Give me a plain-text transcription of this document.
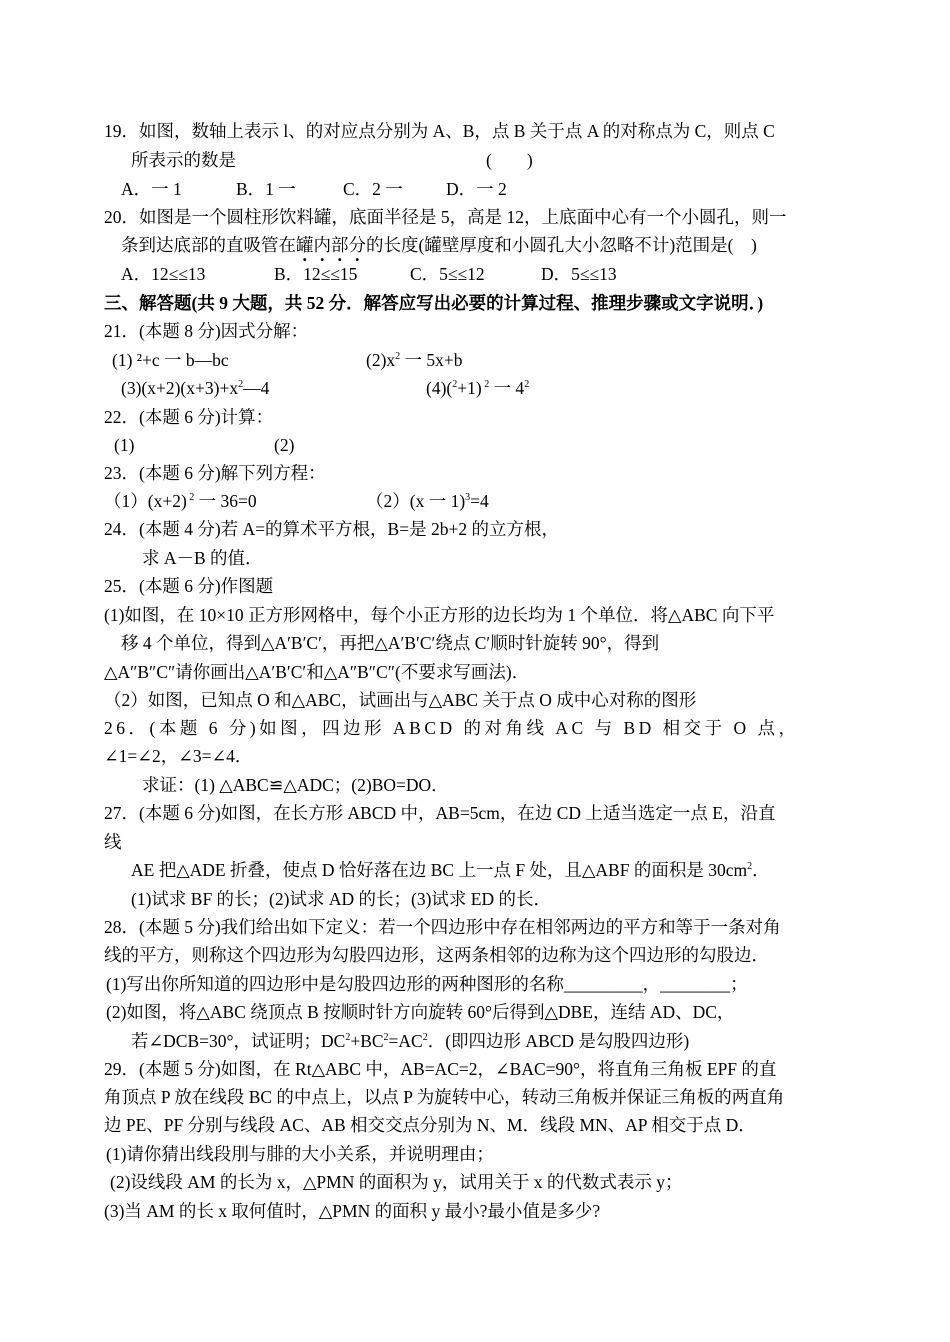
19．如图，数轴上表示 l、的对应点分别为 A、B，点 B 关于点 A 的对称点为 C，则点 C
所表示的数是	(　　)
A．一 1	B．1 一	C．2 一 D．一 2
20．如图是一个圆柱形饮料罐，底面半径是 5，高是 12，上底面中心有一个小圆孔，则一
条到达底部的直吸管在罐内部分的长度(罐壁厚度和小圆孔大小忽略不计)范围是(　)
A．12≤≤13	B．12≤≤15	C．5≤≤12	D．5≤≤13
三、解答题(共 9 大题，共 52 分．解答应写出必要的计算过程、推理步骤或文字说明．)
21．(本题 8 分)因式分解：
(1) ²+c 一 b—bc	$(2)x^2$ 一 5x+b
$(3)(x+2)(x+3)+x^2—4$	(4)($^2$+1) $^2$ 一 $4^2$
22．(本题 6 分)计算：
(1)	(2)
23．(本题 6 分)解下列方程：
（1）(x+2) $^2$ 一 36=0	（2）(x 一 1)$^3$=4
24．(本题 4 分)若 A=的算术平方根，B=是 2b+2 的立方根，
求 A－B 的值．
25．(本题 6 分)作图题
(1)如图，在 10×10 正方形网格中，每个小正方形的边长均为 1 个单位．将△ABC 向下平
移 4 个单位，得到△A′B′C′，再把△A′B′C′绕点 C′顺时针旋转 90°，得到
△A″B″C″请你画出△A′B′C′和△A″B″C″(不要求写画法)．
（2）如图，已知点 O 和△ABC，试画出与△ABC 关于点 O 成中心对称的图形
26．(本题 6 分)如图，四边形 ABCD 的对角线 AC 与 BD 相交于 O 点，
∠1=∠2，∠3=∠4．
求证：(1) △ABC≌△ADC；(2)BO=DO．
27．(本题 6 分)如图，在长方形 ABCD 中，AB=5cm，在边 CD 上适当选定一点 E，沿直
线
AE 把△ADE 折叠，使点 D 恰好落在边 BC 上一点 F 处，且△ABF 的面积是 $30cm^2$．
(1)试求 BF 的长；(2)试求 AD 的长；(3)试求 ED 的长．
28．(本题 5 分)我们给出如下定义：若一个四边形中存在相邻两边的平方和等于一条对角
线的平方，则称这个四边形为勾股四边形，这两条相邻的边称为这个四边形的勾股边．
(1)写出你所知道的四边形中是勾股四边形的两种图形的名称_________，________；
(2)如图，将△ABC 绕顶点 B 按顺时针方向旋转 60°后得到△DBE，连结 AD、DC，
若∠DCB=30°，试证明；$DC^2+BC^2=AC^2$．(即四边形 ABCD 是勾股四边形)
29．(本题 5 分)如图，在 Rt△ABC 中，AB=AC=2，∠BAC=90°，将直角三角板 EPF 的直
角顶点 P 放在线段 BC 的中点上，以点 P 为旋转中心，转动三角板并保证三角板的两直角
边 PE、PF 分别与线段 AC、AB 相交交点分别为 N、M．线段 MN、AP 相交于点 D．
(1)请你猜出线段刖与腓的大小关系，并说明理由；
(2)设线段 AM 的长为 x，△PMN 的面积为 y，试用关于 x 的代数式表示 y；
(3)当 AM 的长 x 取何值时，△PMN 的面积 y 最小?最小值是多少?
